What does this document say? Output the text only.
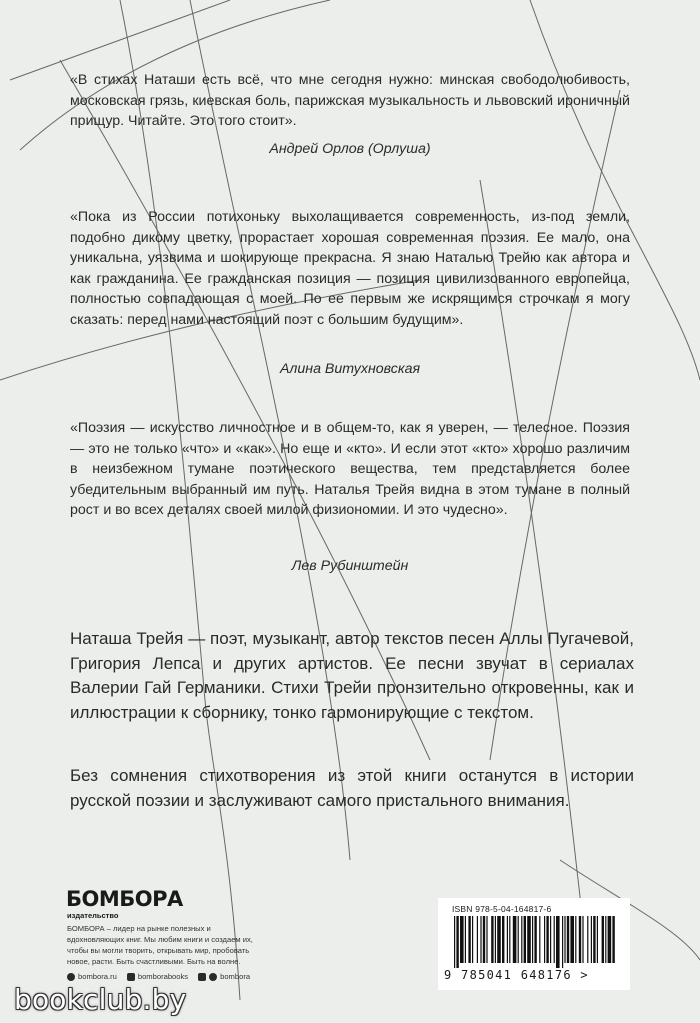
«В стихах Наташи есть всё, что мне сегодня нужно: минская свободолюбивость, московская грязь, киевская боль, парижская музыкальность и львовский ироничный прищур. Читайте. Это того стоит».

Андрей Орлов (Орлуша)

«Пока из России потихоньку выхолащивается современность, из-под земли, подобно дикому цветку, прорастает хорошая современная поэзия. Ее мало, она уникальна, уязвима и шокирующе прекрасна. Я знаю Наталью Трейю как автора и как гражданина. Ее гражданская позиция — позиция цивилизованного европейца, полностью совпадающая с моей. По ее первым же искрящимся строчкам я могу сказать: перед нами настоящий поэт с большим будущим».

Алина Витухновская

«Поэзия — искусство личностное и в общем-то, как я уверен, — телесное. Поэзия — это не только «что» и «как». Но еще и «кто». И если этот «кто» хорошо различим в неизбежном тумане поэтического вещества, тем представляется более убедительным выбранный им путь. Наталья Трейя видна в этом тумане в полный рост и во всех деталях своей милой физиономии. И это чудесно».

Лев Рубинштейн

Наташа Трейя — поэт, музыкант, автор текстов песен Аллы Пугачевой, Григория Лепса и других артистов. Ее песни звучат в сериалах Валерии Гай Германики. Стихи Трейи пронзительно откровенны, как и иллюстрации к сборнику, тонко гармонирующие с текстом.

Без сомнения стихотворения из этой книги останутся в истории русской поэзии и заслуживают самого пристального внимания.

БОМБОРА
издательство
БОМБОРА – лидер на рынке полезных и вдохновляющих книг. Мы любим книги и создаем их, чтобы вы могли творить, открывать мир, пробовать новое, расти. Быть счастливыми. Быть на волне.
bombora.ru	bomborabooks	bombora
ISBN 978-5-04-164817-6
9 785041 648176 >
bookclub.by
